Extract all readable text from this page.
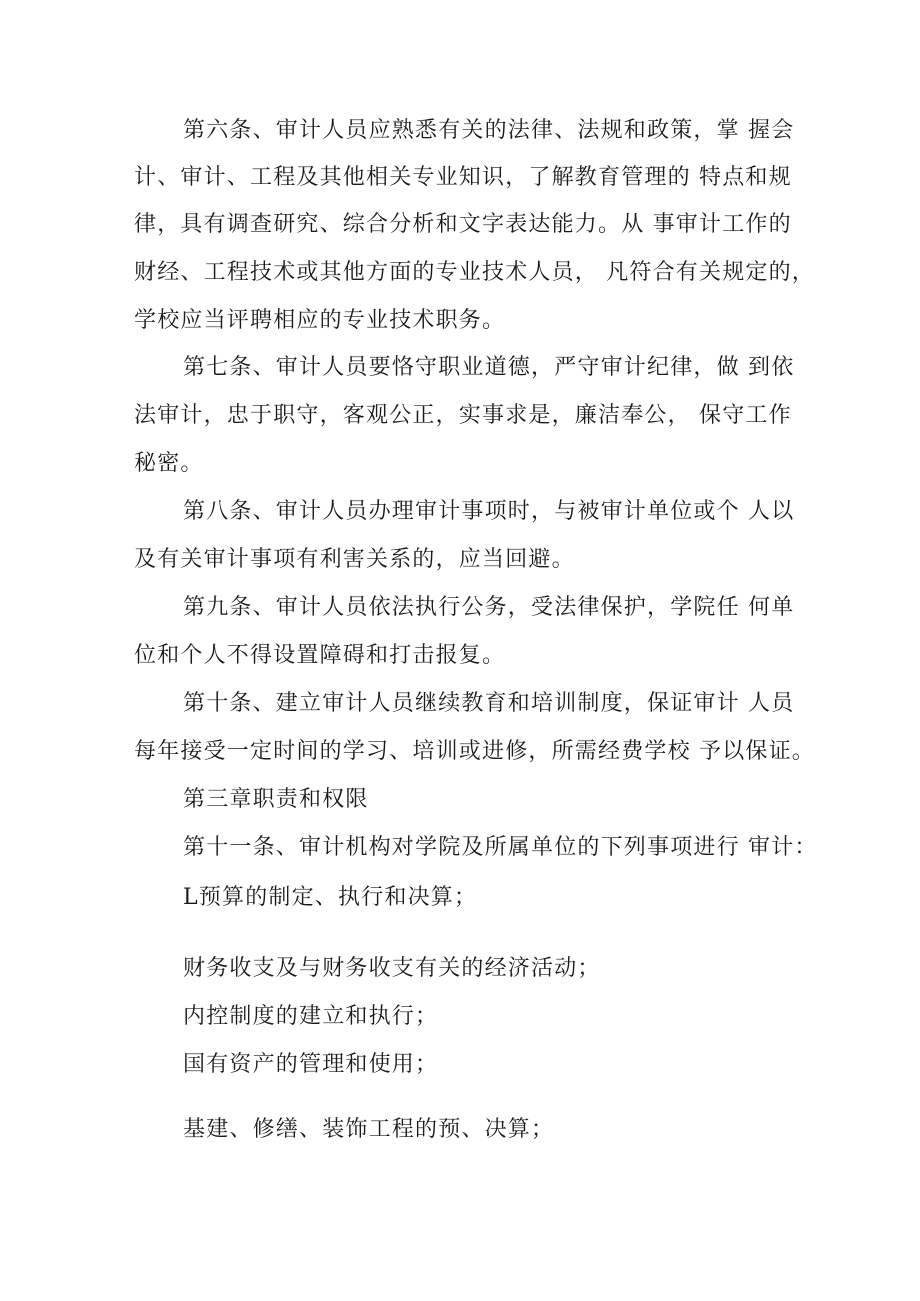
第六条、审计人员应熟悉有关的法律、法规和政策，掌 握会
计、审计、工程及其他相关专业知识，了解教育管理的 特点和规
律，具有调查研究、综合分析和文字表达能力。从 事审计工作的
财经、工程技术或其他方面的专业技术人员， 凡符合有关规定的，
学校应当评聘相应的专业技术职务。
第七条、审计人员要恪守职业道德，严守审计纪律，做 到依
法审计，忠于职守，客观公正，实事求是，廉洁奉公， 保守工作
秘密。
第八条、审计人员办理审计事项时，与被审计单位或个 人以
及有关审计事项有利害关系的，应当回避。
第九条、审计人员依法执行公务，受法律保护，学院任 何单
位和个人不得设置障碍和打击报复。
第十条、建立审计人员继续教育和培训制度，保证审计 人员
每年接受一定时间的学习、培训或进修，所需经费学校 予以保证。
第三章职责和权限
第十一条、审计机构对学院及所属单位的下列事项进行 审计：
L预算的制定、执行和决算；
财务收支及与财务收支有关的经济活动；
内控制度的建立和执行；
国有资产的管理和使用；
基建、修缮、装饰工程的预、决算；
